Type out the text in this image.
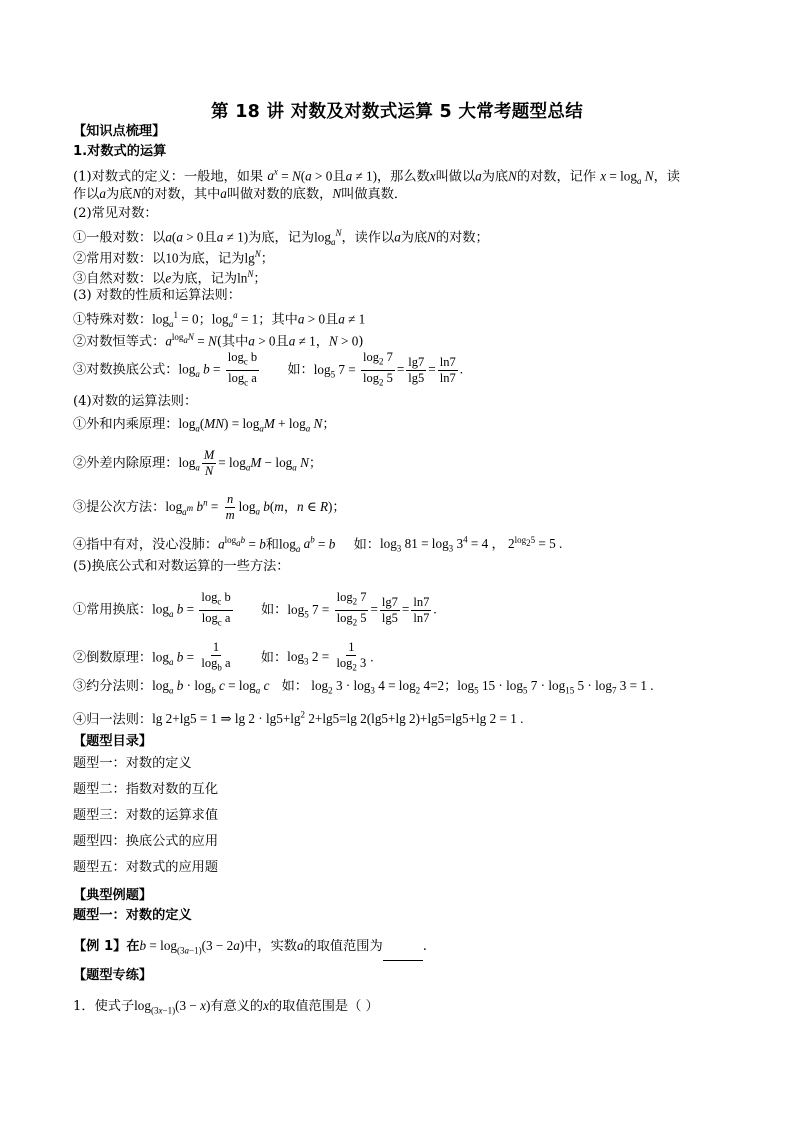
第 18 讲 对数及对数式运算 5 大常考题型总结
【知识点梳理】
1.对数式的运算
(1)对数式的定义：一般地，如果 $a^x = N(a > 0$且a ≠ 1)，那么数x叫做以a为底N的对数，记作 $x = \log_a N$，读
作以a为底N的对数，其中a叫做对数的底数，N叫做真数．
(2)常见对数：
①一般对数：以a(a > 0且a ≠ 1)为底，记为$\log_a^N$，读作以a为底N的对数；
②常用对数：以10为底，记为$\lg^N$；
③自然对数：以e为底，记为$\ln^N$；
(3) 对数的性质和运算法则：
①特殊对数：$\log_a^1 = 0$；$\log_a^a = 1$；其中a > 0且a ≠ 1
②对数恒等式：$a^{log_aN} = N$(其中a > 0且a ≠ 1，N > 0)
③对数换底公式：$\log_a b = \frac{\log_c b}{\log_c a}$ 如：$\log_5 7 = \frac{\log_2 7}{\log_2 5} = \frac{\lg 7}{\lg 5} = \frac{\ln 7}{\ln 7}$ .
(4)对数的运算法则：
①外和内乘原理：$\log_a(MN) = \log_aM + \log_a N$；
②外差内除原理：$\log_a \frac{M}{N} = \log_aM - \log_a N$；
③提公次方法：$\log_{a^m} b^n = \frac{n}{m} \log_a b(m$，n ∈ R)；
④指中有对，没心没肺：$a^{log_ab} = b$和$\log_a a^b = b$ 如：$\log_3 81 = \log_3 3^4 = 4$ ， $2^{log_25} = 5$ .
(5)换底公式和对数运算的一些方法：
①常用换底：$\log_a b = \frac{\log_c b}{\log_c a}$ 如：$\log_5 7 = \frac{\log_2 7}{\log_2 5} = \frac{\lg 7}{\lg 5} = \frac{\ln 7}{\ln 7}$ .
②倒数原理：$\log_a b = \frac{1}{\log_b a}$ 如：$\log_3 2 = \frac{1}{\log_2 3}$ .
③约分法则：$\log_a b \cdot \log_b c = \log_a c$ 如： $\log_2 3 \cdot \log_3 4 = \log_2 4=2$；$\log_5 15 \cdot \log_5 7 \cdot \log_{15} 5 \cdot \log_7 3 = 1$ .
④归一法则：lg 2+lg5 = 1 ⇒ $\lg 2 \cdot \lg 5+\lg^2$ 2+lg5=lg 2(lg5+lg 2)+lg5=lg5+lg 2 = 1 .
【题型目录】
题型一：对数的定义
题型二：指数对数的互化
题型三：对数的运算求值
题型四：换底公式的应用
题型五：对数式的应用题
【典型例题】
题型一：对数的定义
【例 1】在$b = \log_{(3a-1)}(3 - 2a)$中，实数a的取值范围为	.
【题型专练】
1．使式子$\log_{(3x-1)}(3 - x)$有意义的x的取值范围是（ ）
